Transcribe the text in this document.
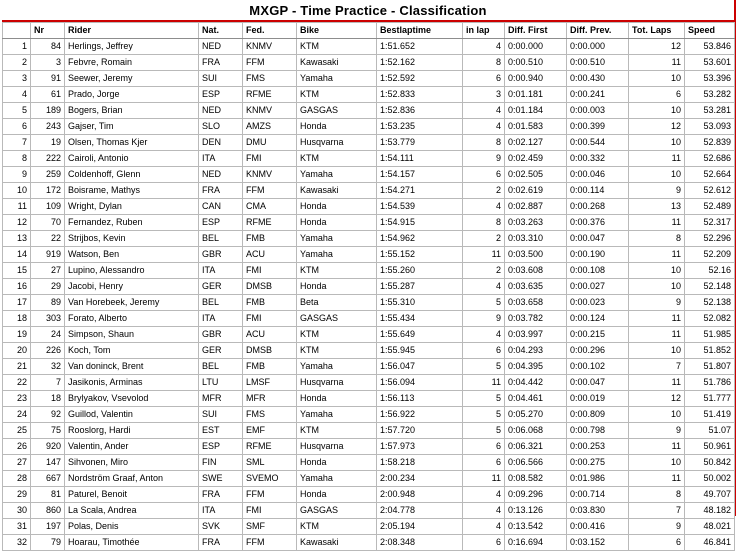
MXGP - Time Practice - Classification
	Nr	Rider	Nat.	Fed.	Bike	Bestlaptime	in lap	Diff. First	Diff. Prev.	Tot. Laps	Speed
1	84	Herlings, Jeffrey	NED	KNMV	KTM	1:51.652	4	0:00.000	0:00.000	12	53.846
2	3	Febvre, Romain	FRA	FFM	Kawasaki	1:52.162	8	0:00.510	0:00.510	11	53.601
3	91	Seewer, Jeremy	SUI	FMS	Yamaha	1:52.592	6	0:00.940	0:00.430	10	53.396
4	61	Prado, Jorge	ESP	RFME	KTM	1:52.833	3	0:01.181	0:00.241	6	53.282
5	189	Bogers, Brian	NED	KNMV	GASGAS	1:52.836	4	0:01.184	0:00.003	10	53.281
6	243	Gajser, Tim	SLO	AMZS	Honda	1:53.235	4	0:01.583	0:00.399	12	53.093
7	19	Olsen, Thomas Kjer	DEN	DMU	Husqvarna	1:53.779	8	0:02.127	0:00.544	10	52.839
8	222	Cairoli, Antonio	ITA	FMI	KTM	1:54.111	9	0:02.459	0:00.332	11	52.686
9	259	Coldenhoff, Glenn	NED	KNMV	Yamaha	1:54.157	6	0:02.505	0:00.046	10	52.664
10	172	Boisrame, Mathys	FRA	FFM	Kawasaki	1:54.271	2	0:02.619	0:00.114	9	52.612
11	109	Wright, Dylan	CAN	CMA	Honda	1:54.539	4	0:02.887	0:00.268	13	52.489
12	70	Fernandez, Ruben	ESP	RFME	Honda	1:54.915	8	0:03.263	0:00.376	11	52.317
13	22	Strijbos, Kevin	BEL	FMB	Yamaha	1:54.962	2	0:03.310	0:00.047	8	52.296
14	919	Watson, Ben	GBR	ACU	Yamaha	1:55.152	11	0:03.500	0:00.190	11	52.209
15	27	Lupino, Alessandro	ITA	FMI	KTM	1:55.260	2	0:03.608	0:00.108	10	52.16
16	29	Jacobi, Henry	GER	DMSB	Honda	1:55.287	4	0:03.635	0:00.027	10	52.148
17	89	Van Horebeek, Jeremy	BEL	FMB	Beta	1:55.310	5	0:03.658	0:00.023	9	52.138
18	303	Forato, Alberto	ITA	FMI	GASGAS	1:55.434	9	0:03.782	0:00.124	11	52.082
19	24	Simpson, Shaun	GBR	ACU	KTM	1:55.649	4	0:03.997	0:00.215	11	51.985
20	226	Koch, Tom	GER	DMSB	KTM	1:55.945	6	0:04.293	0:00.296	10	51.852
21	32	Van doninck, Brent	BEL	FMB	Yamaha	1:56.047	5	0:04.395	0:00.102	7	51.807
22	7	Jasikonis, Arminas	LTU	LMSF	Husqvarna	1:56.094	11	0:04.442	0:00.047	11	51.786
23	18	Brylyakov, Vsevolod	MFR	MFR	Honda	1:56.113	5	0:04.461	0:00.019	12	51.777
24	92	Guillod, Valentin	SUI	FMS	Yamaha	1:56.922	5	0:05.270	0:00.809	10	51.419
25	75	Rooslorg, Hardi	EST	EMF	KTM	1:57.720	5	0:06.068	0:00.798	9	51.07
26	920	Valentin, Ander	ESP	RFME	Husqvarna	1:57.973	6	0:06.321	0:00.253	11	50.961
27	147	Sihvonen, Miro	FIN	SML	Honda	1:58.218	6	0:06.566	0:00.275	10	50.842
28	667	Nordström Graaf, Anton	SWE	SVEMO	Yamaha	2:00.234	11	0:08.582	0:01.986	11	50.002
29	81	Paturel, Benoit	FRA	FFM	Honda	2:00.948	4	0:09.296	0:00.714	8	49.707
30	860	La Scala, Andrea	ITA	FMI	GASGAS	2:04.778	4	0:13.126	0:03.830	7	48.182
31	197	Polas, Denis	SVK	SMF	KTM	2:05.194	4	0:13.542	0:00.416	9	48.021
32	79	Hoarau, Timothée	FRA	FFM	Kawasaki	2:08.348	6	0:16.694	0:03.152	6	46.841
